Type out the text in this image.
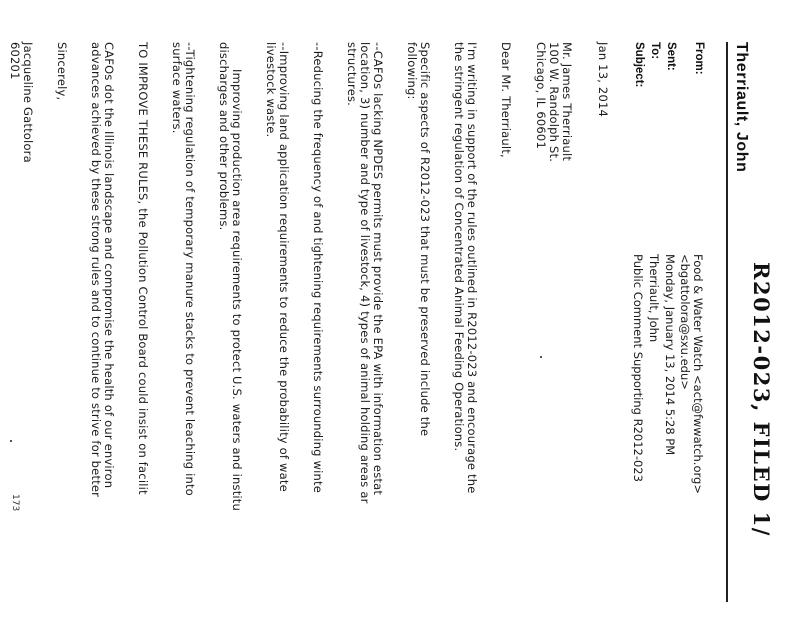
R2012-023, FILED 1/
Therriault, John
From:
Food & Water Watch <act@fwwatch.org>
<bgattolora@sxu.edu>
Sent:
Monday, January 13, 2014 5:28 PM
To:
Therriault, John
Subject:
Public Comment Supporting R2012-023
Jan 13, 2014
Mr. James Therriault
100 W. Randolph St.
Chicago, IL 60601
Dear Mr. Therriault,
I'm writing in support of the rules outlined in R2012-023 and encourage the
the stringent regulation of Concentrated Animal Feeding Operations.
Specific aspects of R2012-023 that must be preserved include the
following:
--CAFOs lacking NPDES permits must provide the EPA with information estat
location, 3) number and type of livestock, 4) types of animal holding areas ar
structures.
--Reducing the frequency of and tightening requirements surrounding winte
--Improving land application requirements to reduce the probability of wate
livestock waste.
Improving production area requirements to protect U.S. waters and institu
discharges and other problems.
--Tightening regulation of temporary manure stacks to prevent leaching into
surface waters.
TO IMPROVE THESE RULES, the Pollution Control Board could insist on facilit
CAFOs dot the Illinois landscape and compromise the health of our environ
advances achieved by these strong rules and to continue to strive for better
Sincerely,
Jacqueline Gattolora
60201
173
